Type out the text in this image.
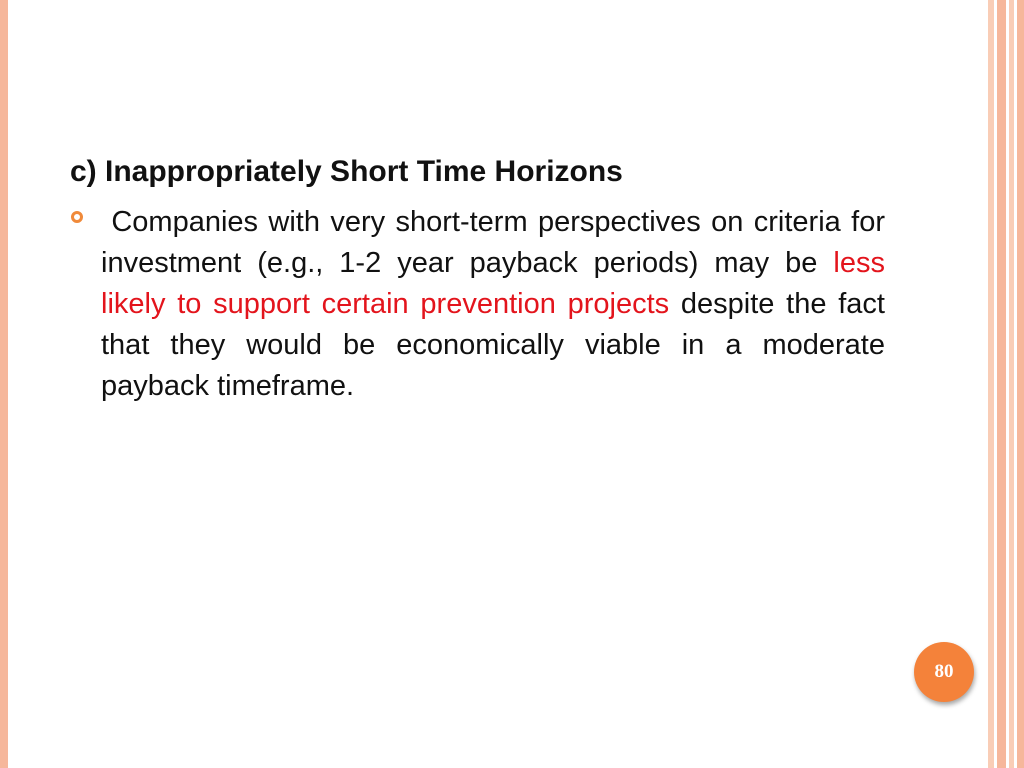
c) Inappropriately Short Time Horizons
Companies with very short-term perspectives on criteria for investment (e.g., 1-2 year payback periods) may be less likely to support certain prevention projects despite the fact that they would be economically viable in a moderate payback timeframe.
80
